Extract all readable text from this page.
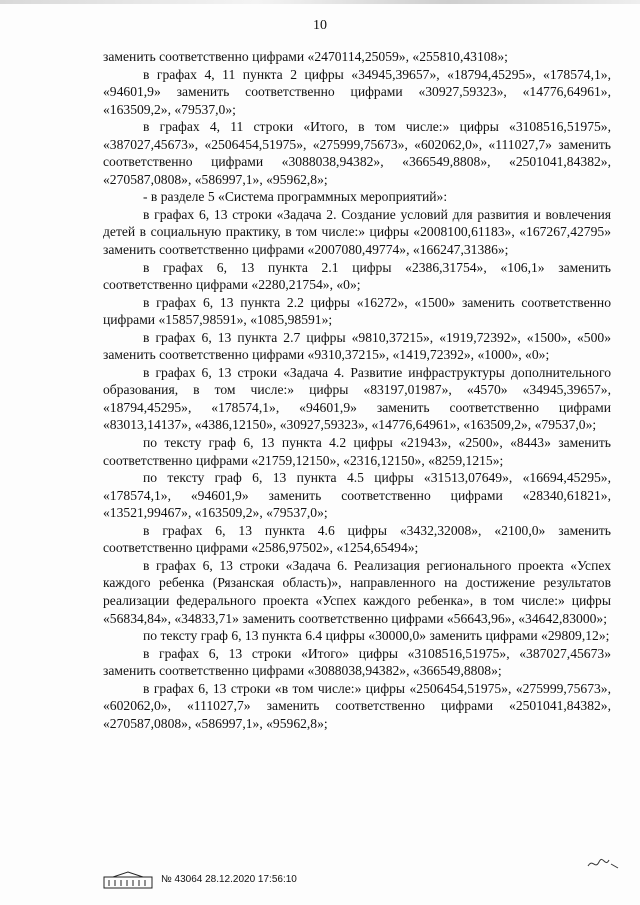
10

заменить соответственно цифрами «2470114,25059», «255810,43108»;

в графах 4, 11 пункта 2 цифры «34945,39657», «18794,45295», «178574,1», «94601,9» заменить соответственно цифрами «30927,59323», «14776,64961», «163509,2», «79537,0»;

в графах 4, 11 строки «Итого, в том числе:» цифры «3108516,51975», «387027,45673», «2506454,51975», «275999,75673», «602062,0», «111027,7» заменить соответственно цифрами «3088038,94382», «366549,8808», «2501041,84382», «270587,0808», «586997,1», «95962,8»;

- в разделе 5 «Система программных мероприятий»:

в графах 6, 13 строки «Задача 2. Создание условий для развития и вовлечения детей в социальную практику, в том числе:» цифры «2008100,61183», «167267,42795» заменить соответственно цифрами «2007080,49774», «166247,31386»;

в графах 6, 13 пункта 2.1 цифры «2386,31754», «106,1» заменить соответственно цифрами «2280,21754», «0»;

в графах 6, 13 пункта 2.2 цифры «16272», «1500» заменить соответственно цифрами «15857,98591», «1085,98591»;

в графах 6, 13 пункта 2.7 цифры «9810,37215», «1919,72392», «1500», «500» заменить соответственно цифрами «9310,37215», «1419,72392», «1000», «0»;

в графах 6, 13 строки «Задача 4. Развитие инфраструктуры дополнительного образования, в том числе:» цифры «83197,01987», «4570» «34945,39657», «18794,45295», «178574,1», «94601,9» заменить соответственно цифрами «83013,14137», «4386,12150», «30927,59323», «14776,64961», «163509,2», «79537,0»;

по тексту граф 6, 13 пункта 4.2 цифры «21943», «2500», «8443» заменить соответственно цифрами «21759,12150», «2316,12150», «8259,1215»;

по тексту граф 6, 13 пункта 4.5 цифры «31513,07649», «16694,45295», «178574,1», «94601,9» заменить соответственно цифрами «28340,61821», «13521,99467», «163509,2», «79537,0»;

в графах 6, 13 пункта 4.6 цифры «3432,32008», «2100,0» заменить соответственно цифрами «2586,97502», «1254,65494»;

в графах 6, 13 строки «Задача 6. Реализация регионального проекта «Успех каждого ребенка (Рязанская область)», направленного на достижение результатов реализации федерального проекта «Успех каждого ребенка», в том числе:» цифры «56834,84», «34833,71» заменить соответственно цифрами «56643,96», «34642,83000»;

по тексту граф 6, 13 пункта 6.4 цифры «30000,0» заменить цифрами «29809,12»;

в графах 6, 13 строки «Итого» цифры «3108516,51975», «387027,45673» заменить соответственно цифрами «3088038,94382», «366549,8808»;

в графах 6, 13 строки «в том числе:» цифры «2506454,51975», «275999,75673», «602062,0», «111027,7» заменить соответственно цифрами «2501041,84382», «270587,0808», «586997,1», «95962,8»;

№ 43064 28.12.2020 17:56:10
